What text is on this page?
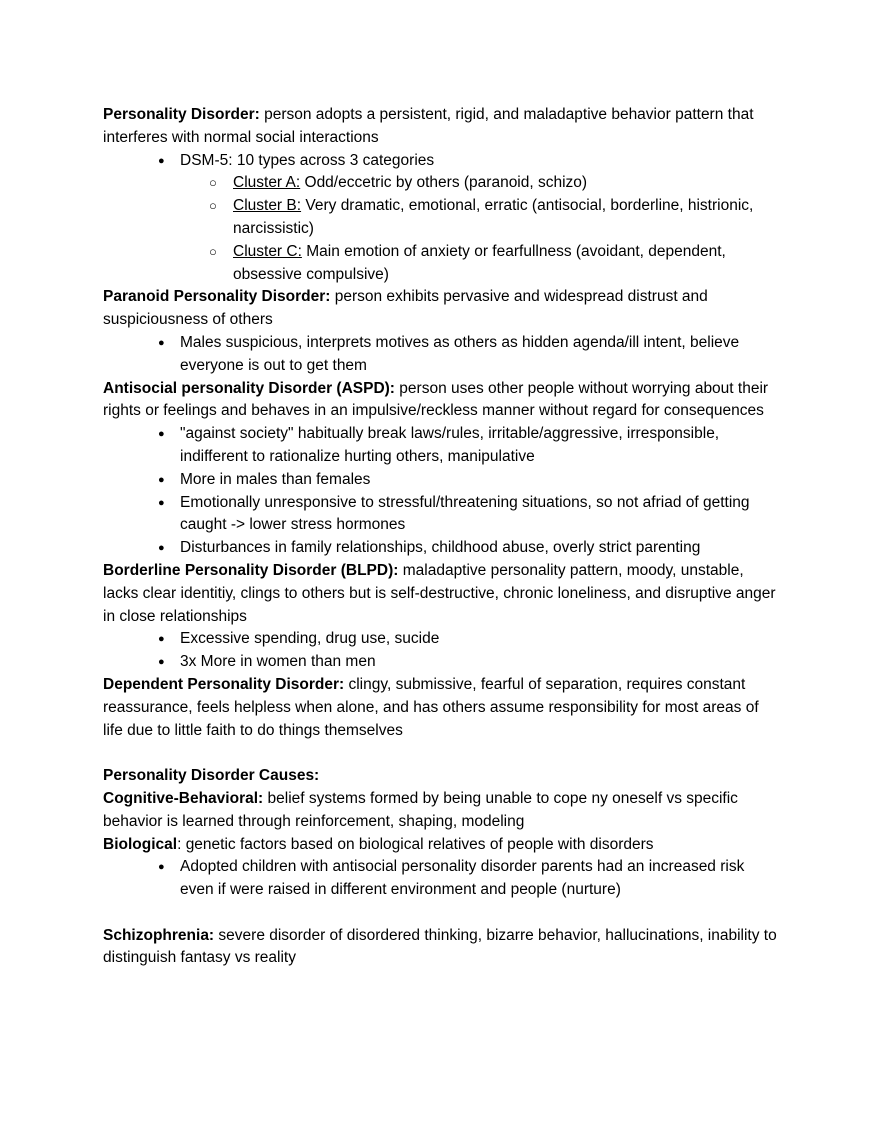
Personality Disorder: person adopts a persistent, rigid, and maladaptive behavior pattern that interferes with normal social interactions

● DSM-5: 10 types across 3 categories
○	Cluster A: Odd/eccetric by others (paranoid, schizo)
○	Cluster B: Very dramatic, emotional, erratic (antisocial, borderline, histrionic, narcissistic)
○	Cluster C: Main emotion of anxiety or fearfullness (avoidant, dependent, obsessive compulsive)

Paranoid Personality Disorder: person exhibits pervasive and widespread distrust and suspiciousness of others

● Males suspicious, interprets motives as others as hidden agenda/ill intent, believe everyone is out to get them

Antisocial personality Disorder (ASPD): person uses other people without worrying about their rights or feelings and behaves in an impulsive/reckless manner without regard for consequences

● "against society" habitually break laws/rules, irritable/aggressive, irresponsible, indifferent to rationalize hurting others, manipulative
● More in males than females
● Emotionally unresponsive to stressful/threatening situations, so not afriad of getting caught -> lower stress hormones
● Disturbances in family relationships, childhood abuse, overly strict parenting

Borderline Personality Disorder (BLPD): maladaptive personality pattern, moody, unstable, lacks clear identitiy, clings to others but is self-destructive, chronic loneliness, and disruptive anger in close relationships

● Excessive spending, drug use, sucide
● 3x More in women than men

Dependent Personality Disorder: clingy, submissive, fearful of separation, requires constant reassurance, feels helpless when alone, and has others assume responsibility for most areas of life due to little faith to do things themselves

Personality Disorder Causes:

Cognitive-Behavioral: belief systems formed by being unable to cope ny oneself vs specific behavior is learned through reinforcement, shaping, modeling

Biological: genetic factors based on biological relatives of people with disorders

● Adopted children with antisocial personality disorder parents had an increased risk even if were raised in different environment and people (nurture)

Schizophrenia: severe disorder of disordered thinking, bizarre behavior, hallucinations, inability to distinguish fantasy vs reality
